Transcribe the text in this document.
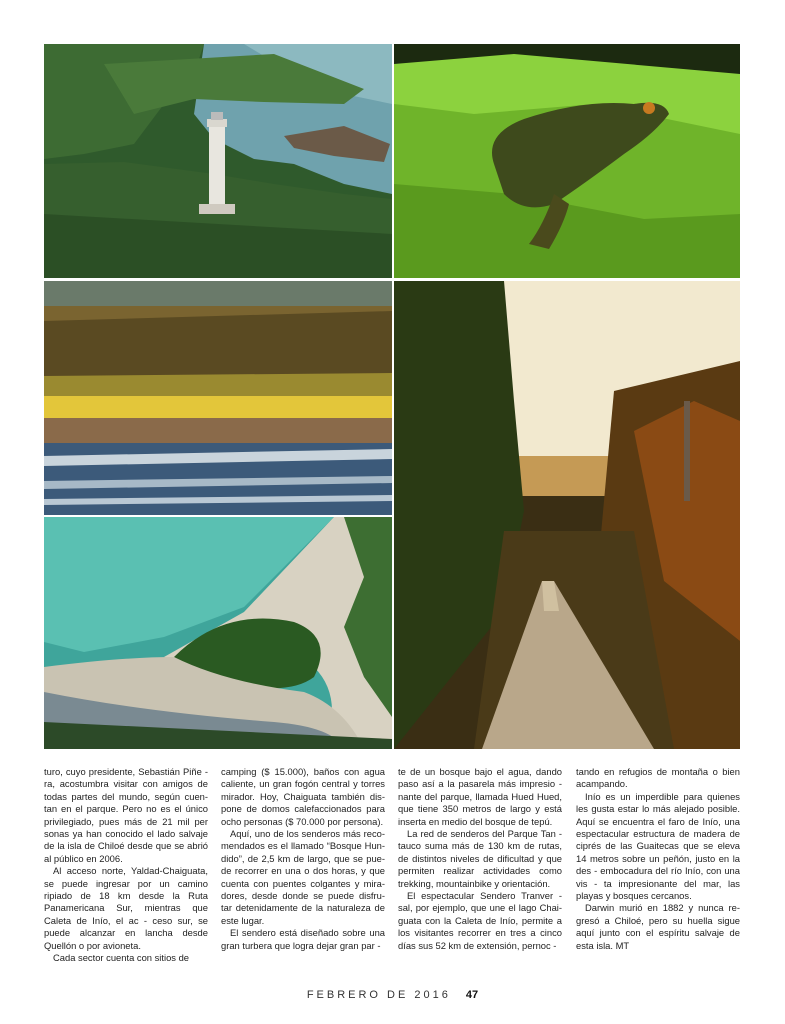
turo, cuyo presidente, Sebastián Piñe - ra, acostumbra visitar con amigos de todas partes del mundo, según cuen- tan en el parque. Pero no es el único privilegiado, pues más de 21 mil per sonas ya han conocido el lado salvaje de la isla de Chiloé desde que se abrió al público en 2006.

Al acceso norte, Yaldad-Chaiguata, se puede ingresar por un camino ripiado de 18 km desde la Ruta Panamericana Sur, mientras que Caleta de Inío, el ac - ceso sur, se puede alcanzar en lancha desde Quellón o por avioneta.

Cada sector cuenta con sitios de

camping ($ 15.000), baños con agua caliente, un gran fogón central y torres mirador. Hoy, Chaiguata también dis- pone de domos calefaccionados para ocho personas ($ 70.000 por persona).

Aquí, uno de los senderos más reco- mendados es el llamado “Bosque Hun- dido”, de 2,5 km de largo, que se pue- de recorrer en una o dos horas, y que cuenta con puentes colgantes y mira- dores, desde donde se puede disfru- tar detenidamente de la naturaleza de este lugar.

El sendero está diseñado sobre una gran turbera que logra dejar gran par -

te de un bosque bajo el agua, dando paso así a la pasarela más impresio - nante del parque, llamada Hued Hued, que tiene 350 metros de largo y está inserta en medio del bosque de tepú.

La red de senderos del Parque Tan - tauco suma más de 130 km de rutas, de distintos niveles de dificultad y que permiten realizar actividades como trekking, mountainbike y orientación.

El espectacular Sendero Tranver - sal, por ejemplo, que une el lago Chai- guata con la Caleta de Inío, permite a los visitantes recorrer en tres a cinco días sus 52 km de extensión, pernoc -

tando en refugios de montaña o bien acampando.

Inío es un imperdible para quienes les gusta estar lo más alejado posible. Aquí se encuentra el faro de Inío, una espectacular estructura de madera de ciprés de las Guaitecas que se eleva 14 metros sobre un peñón, justo en la des - embocadura del río Inío, con una vis - ta impresionante del mar, las playas y bosques cercanos.

Darwin murió en 1882 y nunca re- gresó a Chiloé, pero su huella sigue aquí junto con el espíritu salvaje de esta isla. MT

FEBRERO DE 2016 47
